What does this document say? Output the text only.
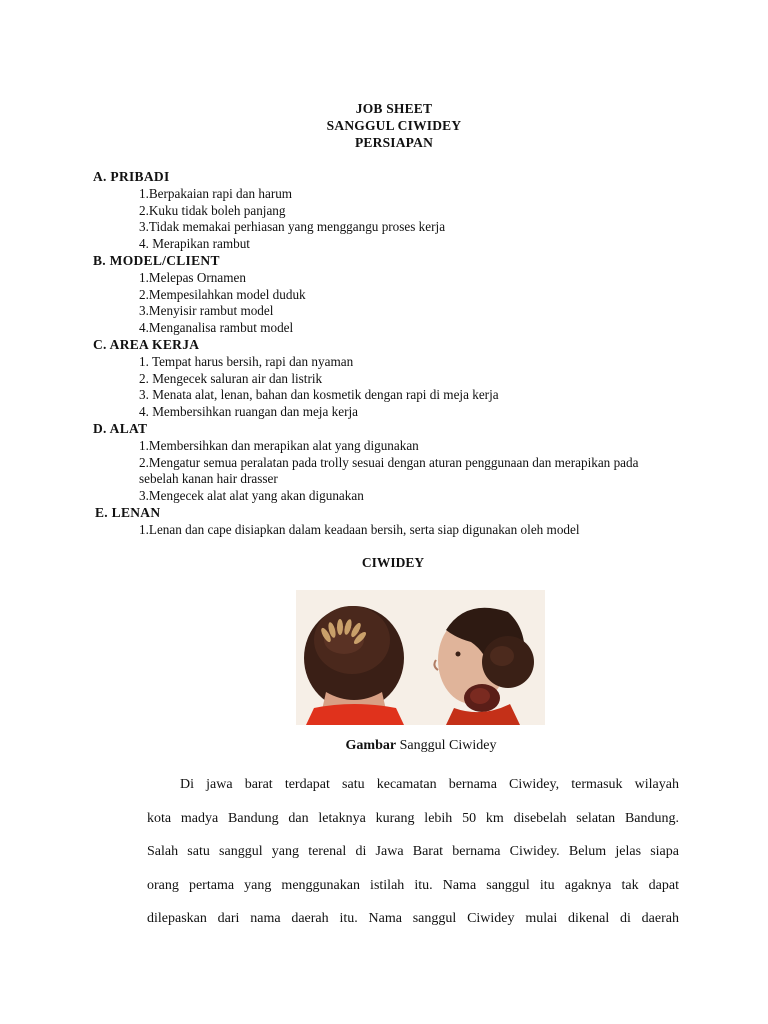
JOB SHEET
SANGGUL CIWIDEY
PERSIAPAN
A. PRIBADI
1.Berpakaian rapi dan harum
2.Kuku tidak boleh panjang
3.Tidak memakai perhiasan yang menggangu proses kerja
4. Merapikan rambut
B. MODEL/CLIENT
1.Melepas Ornamen
2.Mempesilahkan model duduk
3.Menyisir rambut model
4.Menganalisa rambut model
C. AREA KERJA
1. Tempat harus bersih, rapi dan nyaman
2. Mengecek saluran air dan listrik
3. Menata alat, lenan, bahan dan kosmetik dengan rapi di meja kerja
4. Membersihkan ruangan dan meja kerja
D. ALAT
1.Membersihkan dan merapikan alat yang digunakan
2.Mengatur semua peralatan pada trolly sesuai dengan aturan penggunaan dan merapikan pada sebelah kanan hair drasser
3.Mengecek alat alat yang akan digunakan
E. LENAN
1.Lenan dan cape disiapkan dalam keadaan bersih, serta siap digunakan oleh model
CIWIDEY
Gambar Sanggul Ciwidey
Di jawa barat terdapat satu kecamatan bernama Ciwidey, termasuk wilayah
kota madya Bandung dan letaknya kurang lebih 50 km disebelah selatan Bandung.
Salah satu sanggul yang terenal di Jawa Barat bernama Ciwidey. Belum jelas siapa
orang pertama yang menggunakan istilah itu. Nama sanggul itu agaknya tak dapat
dilepaskan dari nama daerah itu. Nama sanggul Ciwidey mulai dikenal di daerah
